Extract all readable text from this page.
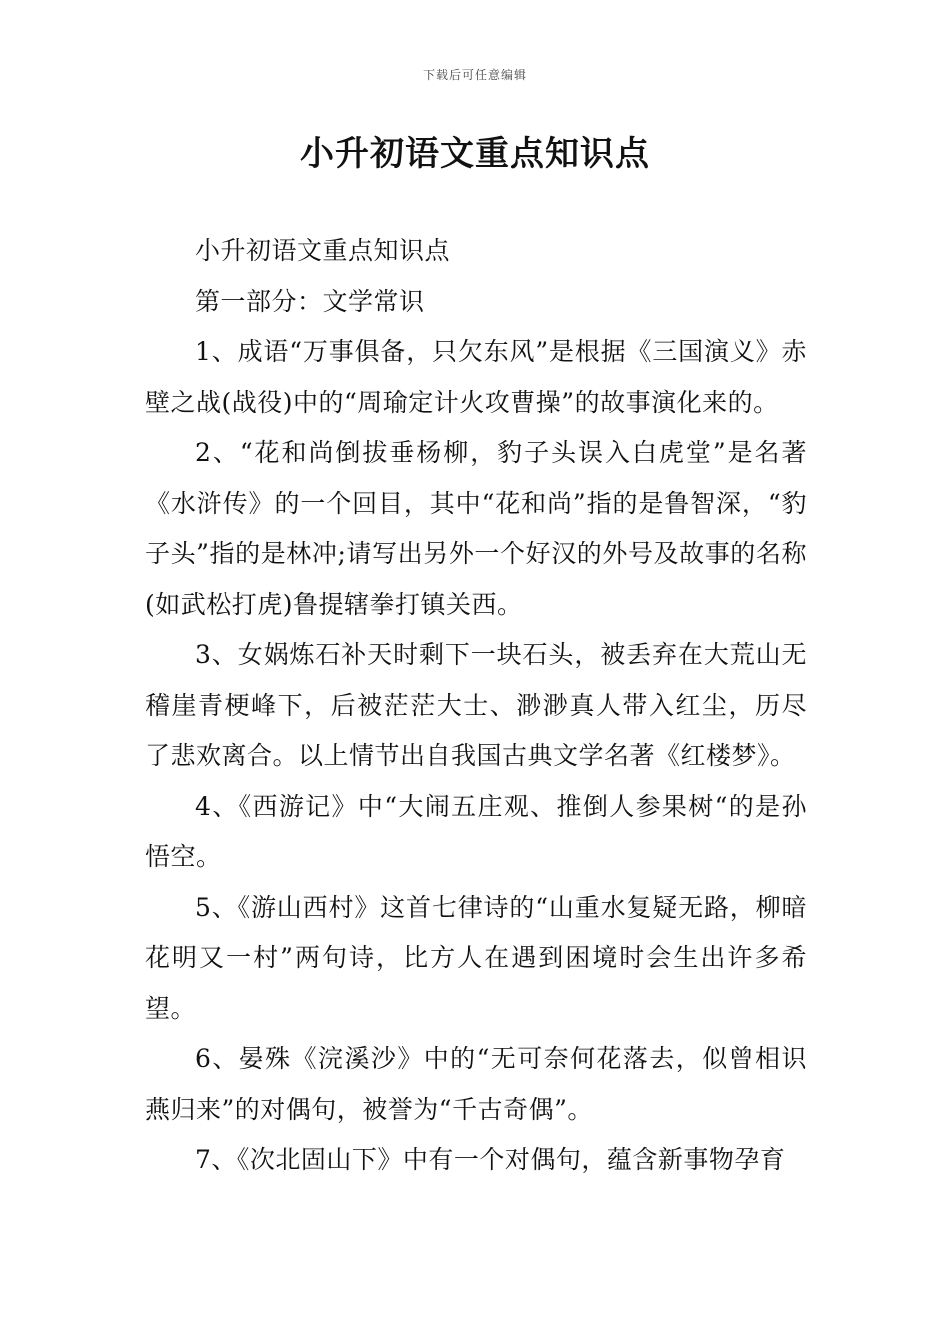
下载后可任意编辑
小升初语文重点知识点

小升初语文重点知识点

第一部分：文学常识

1、成语“万事俱备，只欠东风”是根据《三国演义》赤壁之战(战役)中的“周瑜定计火攻曹操”的故事演化来的。

2、“花和尚倒拔垂杨柳，豹子头误入白虎堂”是名著《水浒传》的一个回目，其中“花和尚”指的是鲁智深，“豹子头”指的是林冲;请写出另外一个好汉的外号及故事的名称(如武松打虎)鲁提辖拳打镇关西。

3、女娲炼石补天时剩下一块石头，被丢弃在大荒山无稽崖青梗峰下，后被茫茫大士、渺渺真人带入红尘，历尽了悲欢离合。以上情节出自我国古典文学名著《红楼梦》。

4、《西游记》中“大闹五庄观、推倒人参果树“的是孙悟空。

5、《游山西村》这首七律诗的“山重水复疑无路，柳暗花明又一村”两句诗，比方人在遇到困境时会生出许多希望。

6、晏殊《浣溪沙》中的“无可奈何花落去，似曾相识燕归来”的对偶句，被誉为“千古奇偶”。

7、《次北固山下》中有一个对偶句，蕴含新事物孕育
